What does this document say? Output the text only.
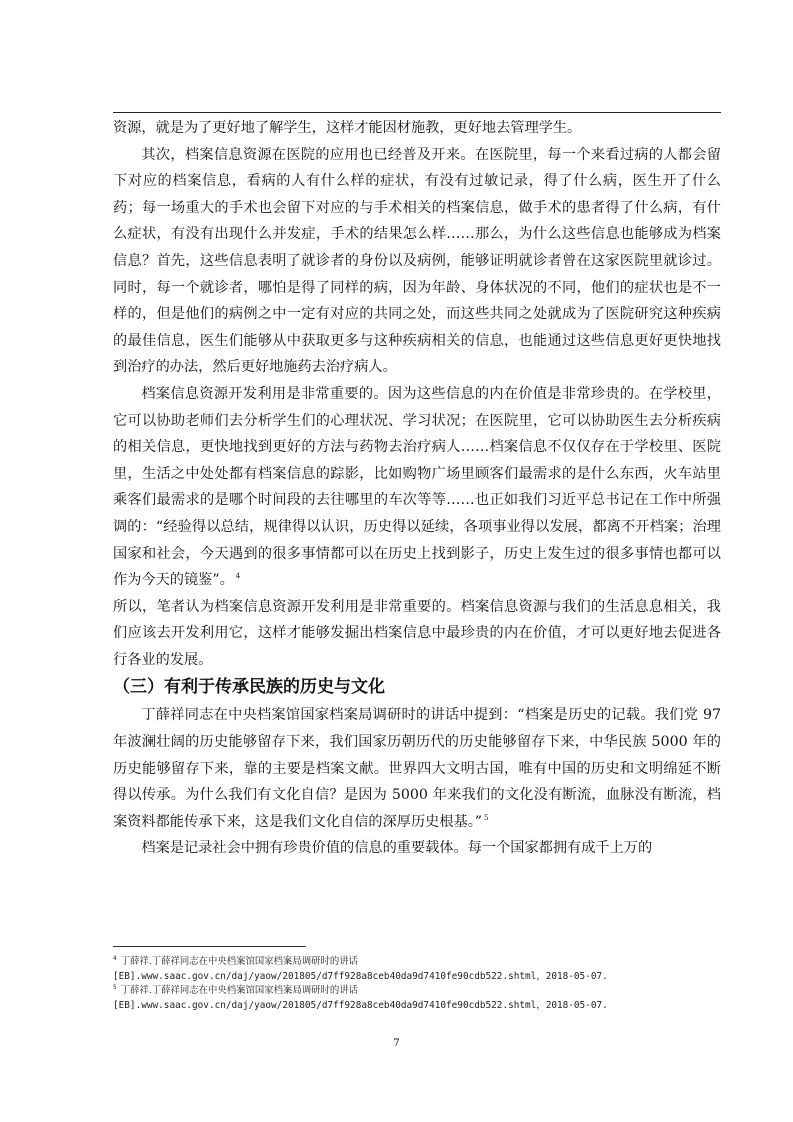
资源，就是为了更好地了解学生，这样才能因材施教，更好地去管理学生。

其次，档案信息资源在医院的应用也已经普及开来。在医院里，每一个来看过病的人都会留下对应的档案信息，看病的人有什么样的症状，有没有过敏记录，得了什么病，医生开了什么药；每一场重大的手术也会留下对应的与手术相关的档案信息，做手术的患者得了什么病，有什么症状，有没有出现什么并发症，手术的结果怎么样……那么，为什么这些信息也能够成为档案信息？首先，这些信息表明了就诊者的身份以及病例，能够证明就诊者曾在这家医院里就诊过。同时，每一个就诊者，哪怕是得了同样的病，因为年龄、身体状况的不同，他们的症状也是不一样的，但是他们的病例之中一定有对应的共同之处，而这些共同之处就成为了医院研究这种疾病的最佳信息，医生们能够从中获取更多与这种疾病相关的信息，也能通过这些信息更好更快地找到治疗的办法，然后更好地施药去治疗病人。

档案信息资源开发利用是非常重要的。因为这些信息的内在价值是非常珍贵的。在学校里，它可以协助老师们去分析学生们的心理状况、学习状况；在医院里，它可以协助医生去分析疾病的相关信息，更快地找到更好的方法与药物去治疗病人……档案信息不仅仅存在于学校里、医院里，生活之中处处都有档案信息的踪影，比如购物广场里顾客们最需求的是什么东西，火车站里乘客们最需求的是哪个时间段的去往哪里的车次等等……也正如我们习近平总书记在工作中所强调的：“经验得以总结，规律得以认识，历史得以延续，各项事业得以发展，都离不开档案；治理国家和社会，今天遇到的很多事情都可以在历史上找到影子，历史上发生过的很多事情也都可以作为今天的镜鉴”。 $^4$

所以，笔者认为档案信息资源开发利用是非常重要的。档案信息资源与我们的生活息息相关，我们应该去开发利用它，这样才能够发掘出档案信息中最珍贵的内在价值，才可以更好地去促进各行各业的发展。

（三）有利于传承民族的历史与文化

丁薛祥同志在中央档案馆国家档案局调研时的讲话中提到：“档案是历史的记载。我们党 97 年波澜壮阔的历史能够留存下来，我们国家历朝历代的历史能够留存下来，中华民族 5000 年的历史能够留存下来，靠的主要是档案文献。世界四大文明古国，唯有中国的历史和文明绵延不断得以传承。为什么我们有文化自信？是因为 5000 年来我们的文化没有断流，血脉没有断流，档案资料都能传承下来，这是我们文化自信的深厚历史根基。” $^5$

档案是记录社会中拥有珍贵价值的信息的重要载体。每一个国家都拥有成千上万的

$^4$ 丁薛祥.丁薛祥同志在中央档案馆国家档案局调研时的讲话

[EB].www.saac.gov.cn/daj/yaow/201805/d7ff928a8ceb40da9d7410fe90cdb522.shtml，2018-05-07.

$^5$ 丁薛祥.丁薛祥同志在中央档案馆国家档案局调研时的讲话

[EB].www.saac.gov.cn/daj/yaow/201805/d7ff928a8ceb40da9d7410fe90cdb522.shtml，2018-05-07.

7
